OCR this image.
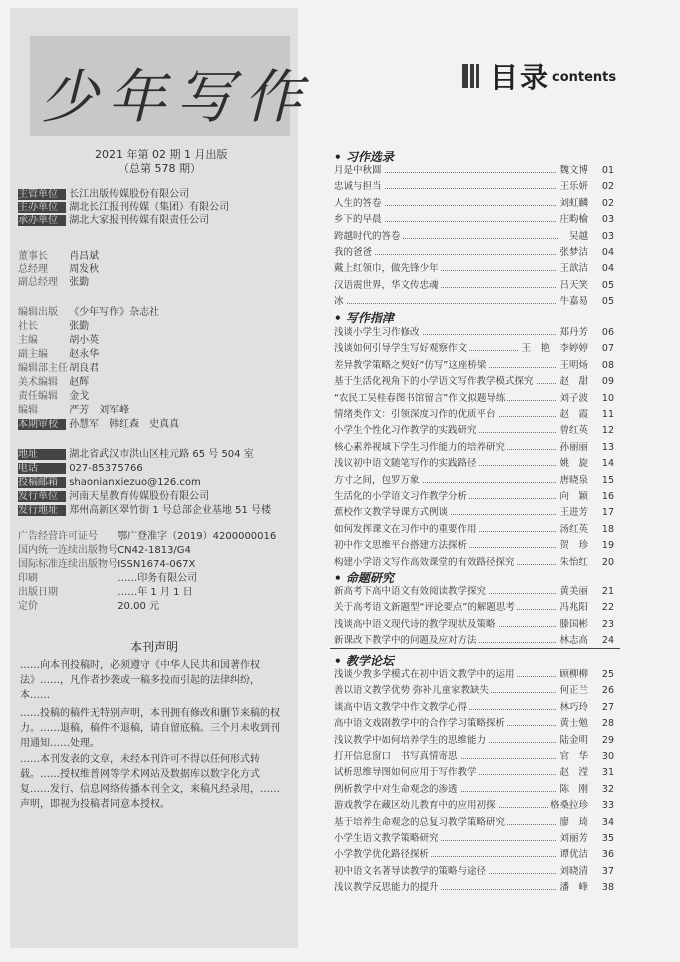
少年写作
2021 年第 02 期 1 月出版
（总第 578 期）
本刊声明
……向本刊投稿时，必须遵守《中华人民共和国著作权法》……，凡作者抄袭或一稿多投而引起的法律纠纷，本……
……投稿的稿件无特别声明，本刊拥有修改和删节来稿的权力。……退稿，稿件不退稿，请自留底稿。三个月未收到刊用通知……处理。
……本刊发表的文章，未经本刊许可不得以任何形式转载。……授权维普网等学术网站及数据库以数字化方式复……发行、信息网络传播本刊全文，来稿凡经录用，……声明，即视为投稿者同意本授权。
目录 contents
主管单位 长江出版传媒股份有限公司
主办单位 湖北长江报刊传媒（集团）有限公司
承办单位 湖北大家报刊传媒有限责任公司
董事长 肖昌斌
总经理 周发秋
副总经理 张勤
编辑出版 《少年写作》杂志社
社长	张勤
主编	胡小英
副主编 赵永华
编辑部主任 胡良君
美术编辑 赵辉
责任编辑 金戈
编辑	严芳　刘军峰
本期审校 孙慧军　韩红森　史真真
地址	湖北省武汉市洪山区桂元路 65 号 504 室
电话	027-85375766
投稿邮箱 shaonianxiezuo@126.com
发行单位 河南天星教育传媒股份有限公司
发行地址 郑州高新区翠竹街 1 号总部企业基地 51 号楼
广告经营许可证号 鄂广登准字（2019）4200000016
国内统一连续出版物号 CN42-1813/G4
国际标准连续出版物号 ISSN1674-067X
印刷	……印务有限公司
出版日期	……年 1 月 1 日
定价	20.00 元
• 习作选录
月是中秋圆	魏文博	01
忠诚与担当	王乐妍	02
人生的答卷	刘虹麟	02
乡下的早晨	庄畇榆	03
跨越时代的答卷	吴越	03
我的爸爸	张梦洁	04
戴上红领巾，做先锋少年	王歆洁	04
汉语震世界，华文传忠魂	吕天笑	05
冰	牛嘉易	05
• 写作指津
浅谈小学生习作修改	郑丹芳	06
浅谈如何引导学生写好观察作文	王　艳　李婷婷	07
差异教学策略之契好“仿写”这座桥梁	王明炀	08
基于生活化视角下的小学语文写作教学模式探究	赵　甜	09
“农民工吴桂春图书馆留言”作文拟题导练	刘子波	10
情绪类作文：引领深度习作的优质平台	赵　霞	11
小学生个性化习作教学的实践研究	曾红英	12
核心素养视域下学生习作能力的培养研究	孙丽丽	13
浅议初中语文随笔写作的实践路径	姚　旋	14
方寸之间，包罗万象	唐晓泉	15
生活化的小学语文习作教学分析	向　颖	16
蕉校作文教学导课方式例谈	王进芳	17
如何发挥课文在习作中的重要作用	汤红英	18
初中作文思维平台搭建方法探析	贺　珍	19
构建小学语文写作高效课堂的有效路径探究	朱怡红	20
• 命题研究
新高考下高中语文有效阅读教学探究	黄美丽	21
关于高考语文新题型“评论要点”的解题思考	冯兆阳	22
浅谈高中语文现代诗的教学现状及策略	滕国彬	23
新课改下教学中的问题及应对方法	林志高	24
• 教学论坛
浅谈少教多学模式在初中语文教学中的运用	顾柳柳	25
善以语文教学优势 弥补儿童家教缺失	何正兰	26
谈高中语文教学中作文教学心得	林巧玲	27
高中语文戏剧教学中的合作学习策略探析	黄士勉	28
浅议教学中如何培养学生的思维能力	陆金明	29
打开信息窗口　书写真情寄思	官　华	30
试析思维导图如何应用于写作教学	赵　滢	31
例析教学中对生命观念的渗透	陈　刚	32
游戏教学在藏区幼儿教育中的应用初探	格桑拉珍	33
基于培养生命观念的总复习教学策略研究	廖　琦	34
小学生语文教学策略研究	刘丽芳	35
小学教学优化路径探析	谭优洁	36
初中语文名著导读教学的策略与途径	刘晓清	37
浅议教学反思能力的提升	潘　峰	38
